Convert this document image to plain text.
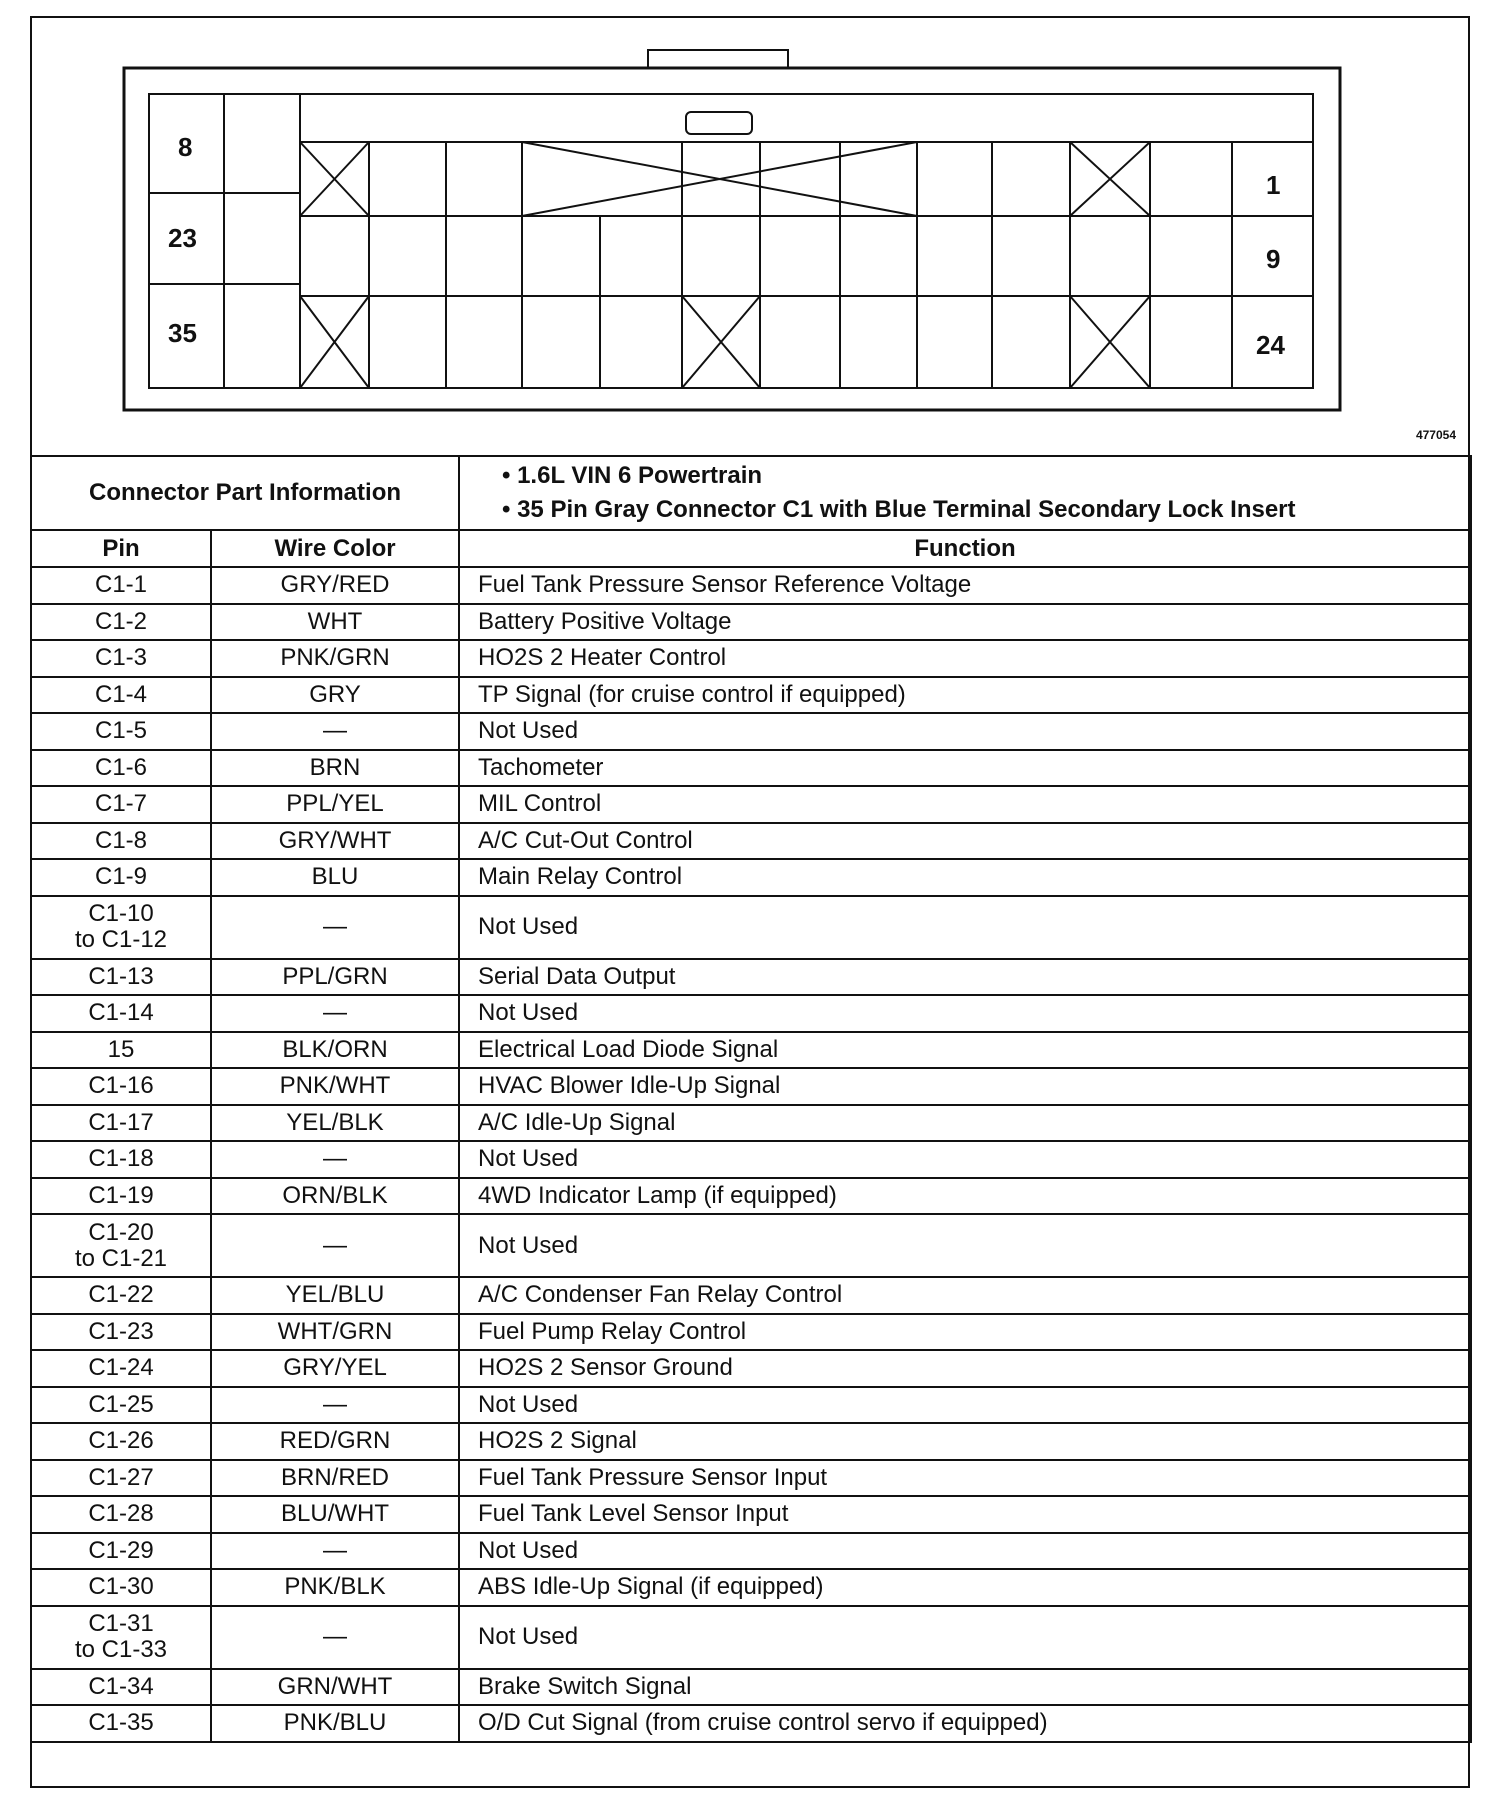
8
23
35
1
9
24
477054
Connector Part Information		• 1.6L VIN 6 Powertrain
• 35 Pin Gray Connector C1 with Blue Terminal Secondary Lock Insert

Pin	Wire Color	Function

C1-1	GRY/RED	Fuel Tank Pressure Sensor Reference Voltage

C1-2	WHT	Battery Positive Voltage

C1-3	PNK/GRN	HO2S 2 Heater Control

C1-4	GRY	TP Signal (for cruise control if equipped)

C1-5	—	Not Used

C1-6	BRN	Tachometer

C1-7	PPL/YEL	MIL Control

C1-8	GRY/WHT	A/C Cut-Out Control

C1-9	BLU	Main Relay Control

C1-10
to C1-12	—	Not Used

C1-13	PPL/GRN	Serial Data Output

C1-14	—	Not Used

15	BLK/ORN	Electrical Load Diode Signal

C1-16	PNK/WHT	HVAC Blower Idle-Up Signal

C1-17	YEL/BLK	A/C Idle-Up Signal

C1-18	—	Not Used

C1-19	ORN/BLK	4WD Indicator Lamp (if equipped)

C1-20
to C1-21	—	Not Used

C1-22	YEL/BLU	A/C Condenser Fan Relay Control

C1-23	WHT/GRN	Fuel Pump Relay Control

C1-24	GRY/YEL	HO2S 2 Sensor Ground

C1-25	—	Not Used

C1-26	RED/GRN	HO2S 2 Signal

C1-27	BRN/RED	Fuel Tank Pressure Sensor Input

C1-28	BLU/WHT	Fuel Tank Level Sensor Input

C1-29	—	Not Used

C1-30	PNK/BLK	ABS Idle-Up Signal (if equipped)

C1-31
to C1-33	—	Not Used

C1-34	GRN/WHT	Brake Switch Signal

C1-35	PNK/BLU	O/D Cut Signal (from cruise control servo if equipped)
